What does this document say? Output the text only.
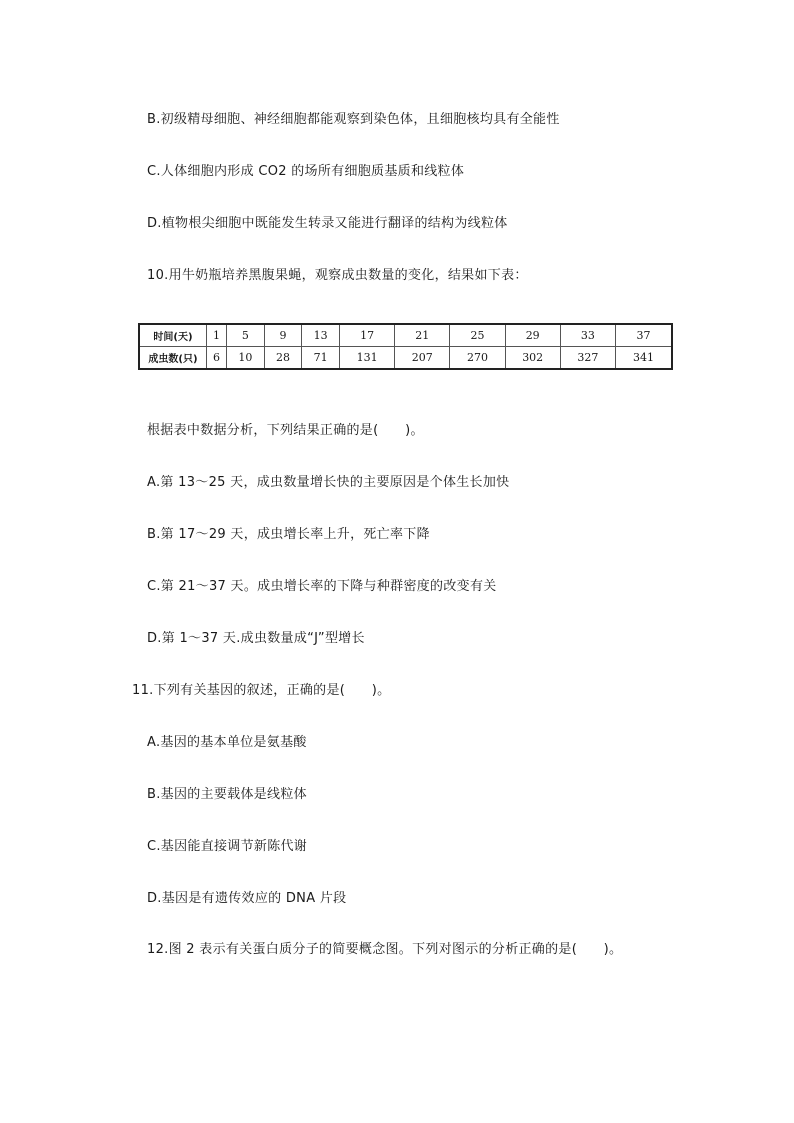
B.初级精母细胞、神经细胞都能观察到染色体，且细胞核均具有全能性
C.人体细胞内形成 CO2 的场所有细胞质基质和线粒体
D.植物根尖细胞中既能发生转录又能进行翻译的结构为线粒体
10.用牛奶瓶培养黑腹果蝇，观察成虫数量的变化，结果如下表：
时间(天)	1	5	9	13	17	21	25	29	33	37
成虫数(只)	6	10	28	71	131	207	270	302	327	341
根据表中数据分析，下列结果正确的是(　　)。
A.第 13～25 天，成虫数量增长快的主要原因是个体生长加快
B.第 17～29 天，成虫增长率上升，死亡率下降
C.第 21～37 天。成虫增长率的下降与种群密度的改变有关
D.第 1～37 天.成虫数量成“J”型增长
11.下列有关基因的叙述，正确的是(　　)。
A.基因的基本单位是氨基酸
B.基因的主要载体是线粒体
C.基因能直接调节新陈代谢
D.基因是有遗传效应的 DNA 片段
12.图 2 表示有关蛋白质分子的简要概念图。下列对图示的分析正确的是(　　)。
